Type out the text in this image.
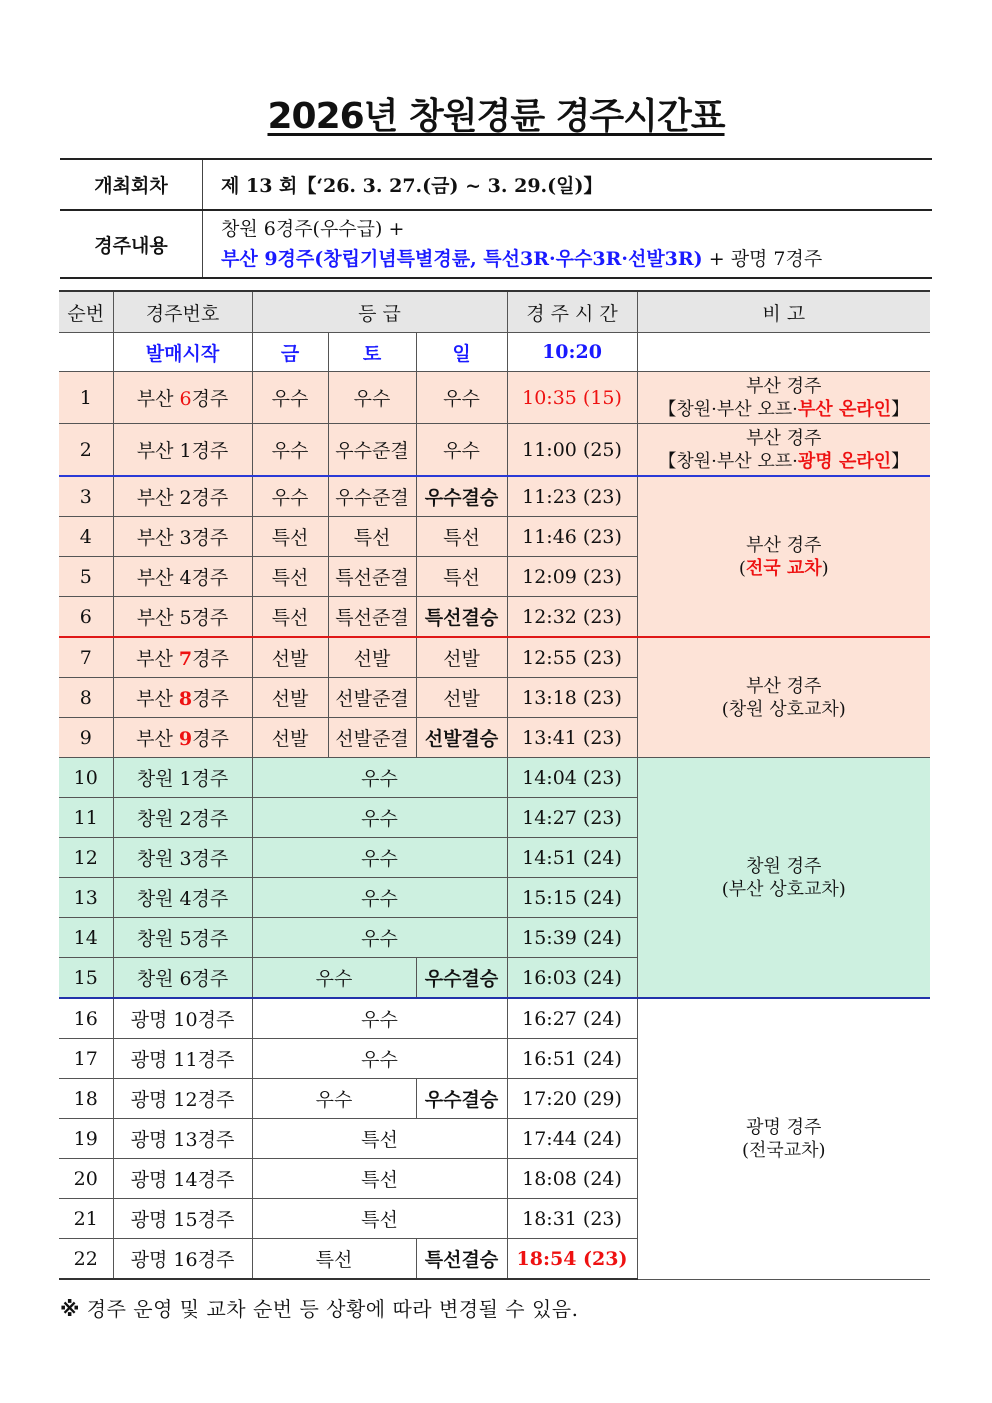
2026년 창원경륜 경주시간표
개최회차	제 13 회【‘26. 3. 27.(금) ~ 3. 29.(일)】
경주내용	창원 6경주(우수급) +
부산 9경주(창립기념특별경륜, 특선3R·우수3R·선발3R) + 광명 7경주
순번	경주번호	등 급			경 주 시 간	비 고
	발매시작	금	토	일	10:20	
1	부산 6경주	우수	우수	우수	10:35 (15)	부산 경주
【창원·부산 오프·부산 온라인】

2	부산 1경주	우수	우수준결	우수	11:00 (25)	부산 경주
【창원·부산 오프·광명 온라인】

3	부산 2경주	우수	우수준결	우수결승	11:23 (23)	부산 경주
(전국 교차)

4	부산 3경주	특선	특선	특선	11:46 (23)	
5	부산 4경주	특선	특선준결	특선	12:09 (23)	
6	부산 5경주	특선	특선준결	특선결승	12:32 (23)	
7	부산 7경주	선발	선발	선발	12:55 (23)	부산 경주
(창원 상호교차)

8	부산 8경주	선발	선발준결	선발	13:18 (23)	
9	부산 9경주	선발	선발준결	선발결승	13:41 (23)	
10	창원 1경주	우수			14:04 (23)	창원 경주
(부산 상호교차)

11	창원 2경주	우수			14:27 (23)	
12	창원 3경주	우수			14:51 (24)	
13	창원 4경주	우수			15:15 (24)	
14	창원 5경주	우수			15:39 (24)	
15	창원 6경주	우수		우수결승	16:03 (24)	
16	광명 10경주	우수			16:27 (24)	광명 경주
(전국교차)

17	광명 11경주	우수			16:51 (24)	
18	광명 12경주	우수		우수결승	17:20 (29)	
19	광명 13경주	특선			17:44 (24)	
20	광명 14경주	특선			18:08 (24)	
21	광명 15경주	특선			18:31 (23)	
22	광명 16경주	특선		특선결승	18:54 (23)	
※ 경주 운영 및 교차 순번 등 상황에 따라 변경될 수 있음.
